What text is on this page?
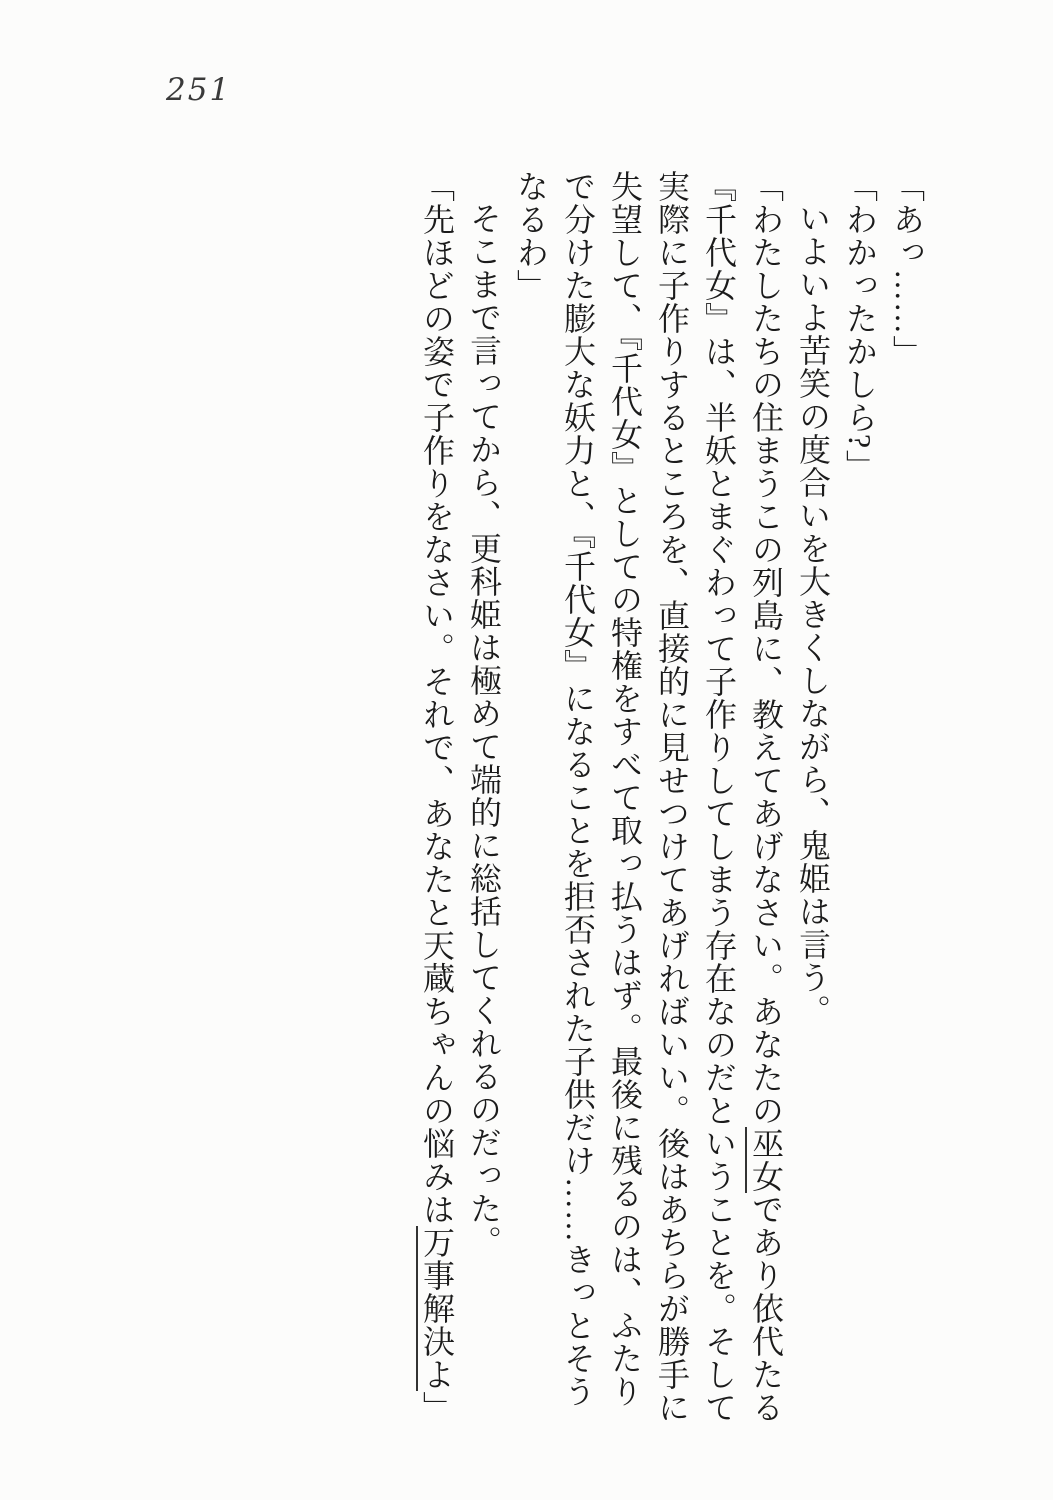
251

「あっ……」

「わかったかしら?」

いよいよ苦笑の度合いを大きくしながら、鬼姫は言う。

「わたしたちの住まうこの列島に、教えてあげなさい。あなたの巫女であり依代たる

『千代女』は、半妖とまぐわって子作りしてしまう存在なのだということを。そして

実際に子作りするところを、直接的に見せつけてあげればいい。後はあちらが勝手に

失望して、『千代女』としての特権をすべて取っ払うはず。最後に残るのは、ふたり

で分けた膨大な妖力と、『千代女』になることを拒否された子供だけ……きっとそう

なるわ」

そこまで言ってから、更科姫は極めて端的に総括してくれるのだった。

「先ほどの姿で子作りをなさい。それで、あなたと天蔵ちゃんの悩みは万事解決よ」
